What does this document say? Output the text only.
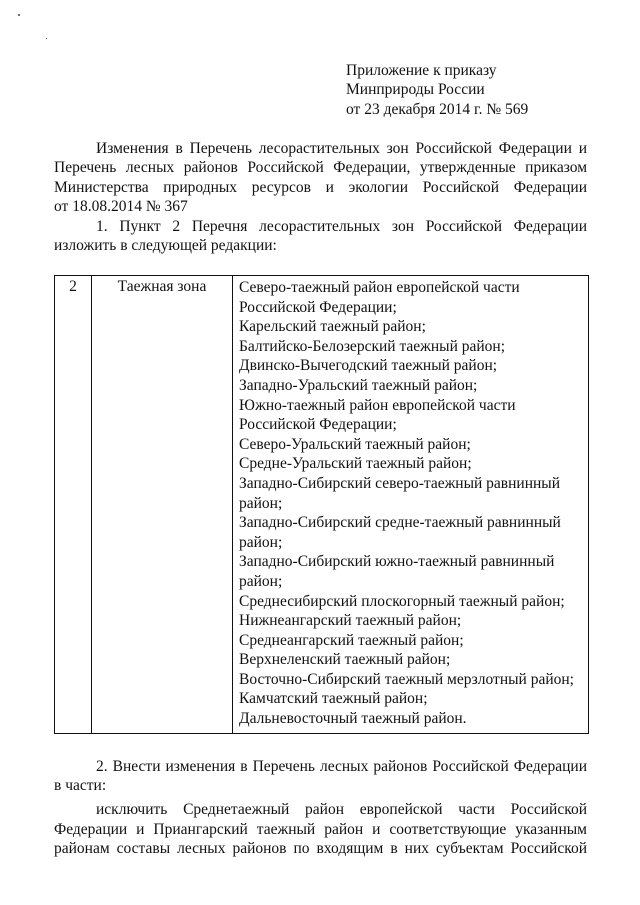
Приложение к приказу
Минприроды России
от 23 декабря 2014 г. № 569
Изменения в Перечень лесорастительных зон Российской Федерации и
Перечень лесных районов Российской Федерации, утвержденные приказом
Министерства природных ресурсов и экологии Российской Федерации
от 18.08.2014 № 367
1. Пункт 2 Перечня лесорастительных зон Российской Федерации
изложить в следующей редакции:
2	Таежная зона	Северо-таежный район европейской части
Российской Федерации;
Карельский таежный район;
Балтийско-Белозерский таежный район;
Двинско-Вычегодский таежный район;
Западно-Уральский таежный район;
Южно-таежный район европейской части
Российской Федерации;
Северо-Уральский таежный район;
Средне-Уральский таежный район;
Западно-Сибирский северо-таежный равнинный
район;
Западно-Сибирский средне-таежный равнинный
район;
Западно-Сибирский южно-таежный равнинный
район;
Среднесибирский плоскогорный таежный район;
Нижнеангарский таежный район;
Среднеангарский таежный район;
Верхнеленский таежный район;
Восточно-Сибирский таежный мерзлотный район;
Камчатский таежный район;
Дальневосточный таежный район.
2. Внести изменения в Перечень лесных районов Российской Федерации
в части:
исключить Среднетаежный район европейской части Российской
Федерации и Приангарский таежный район и соответствующие указанным
районам составы лесных районов по входящим в них субъектам Российской
